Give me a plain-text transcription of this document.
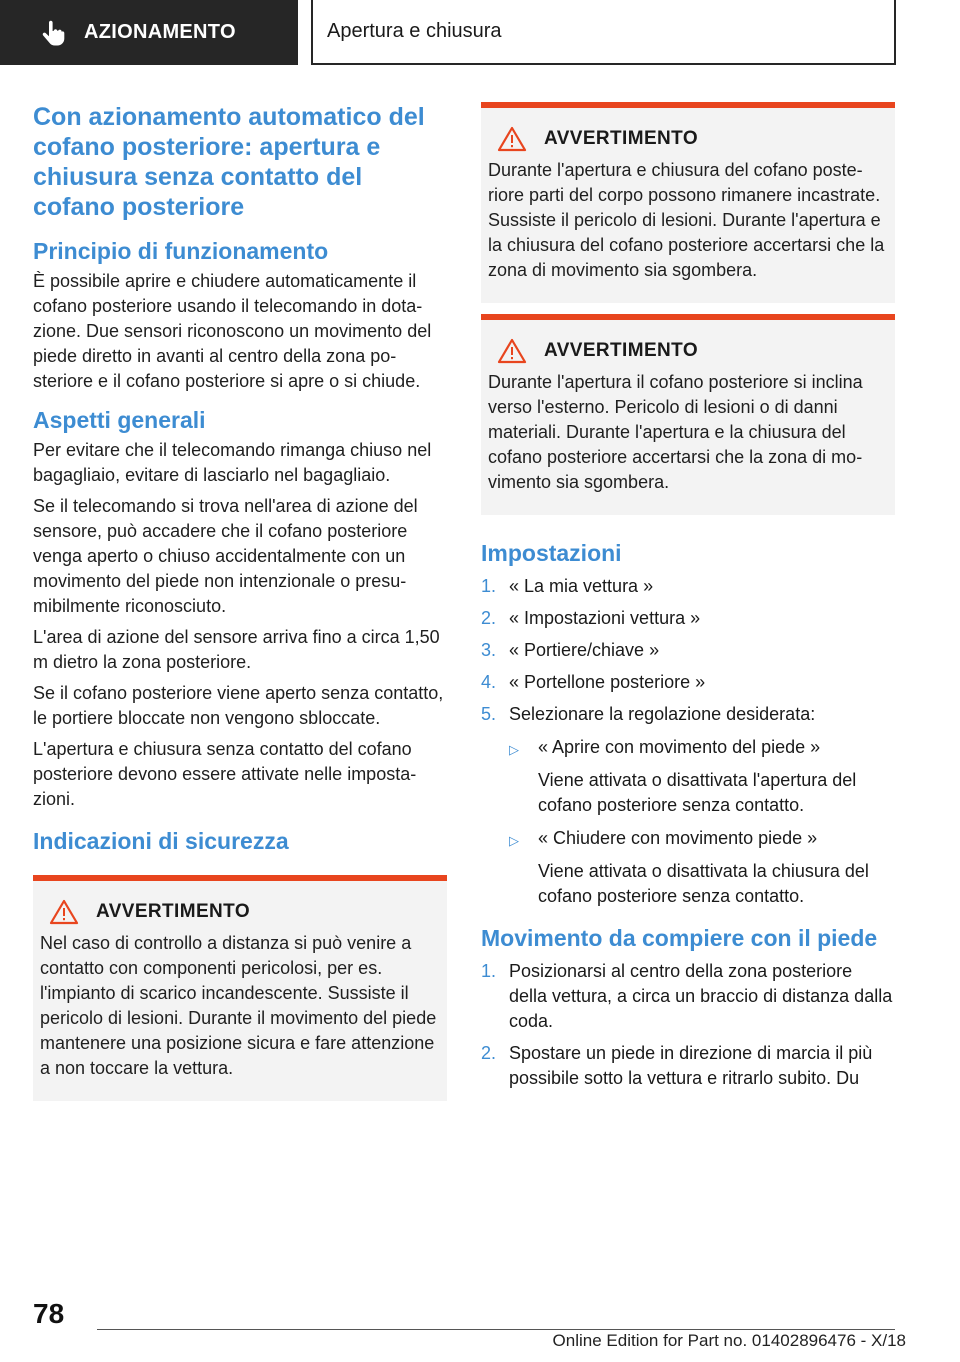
AZIONAMENTO	Apertura e chiusura
Con azionamento automatico del cofano posteriore: apertura e chiusura senza contatto del cofano posteriore
Principio di funzionamento

È possibile aprire e chiudere automaticamente il cofano posteriore usando il telecomando in dotazione. Due sensori riconoscono un movimento del piede diretto in avanti al centro della zona posteriore e il cofano posteriore si apre o si chiude.

Aspetti generali

Per evitare che il telecomando rimanga chiuso nel bagagliaio, evitare di lasciarlo nel bagagliaio.

Se il telecomando si trova nell'area di azione del sensore, può accadere che il cofano posteriore venga aperto o chiuso accidentalmente con un movimento del piede non intenzionale o presumibilmente riconosciuto.

L'area di azione del sensore arriva fino a circa 1,50 m dietro la zona posteriore.

Se il cofano posteriore viene aperto senza contatto, le portiere bloccate non vengono sbloccate.

L'apertura e chiusura senza contatto del cofano posteriore devono essere attivate nelle impostazioni.

Indicazioni di sicurezza
AVVERTIMENTO

Nel caso di controllo a distanza si può venire a contatto con componenti pericolosi, per es. l'impianto di scarico incandescente. Sussiste il pericolo di lesioni. Durante il movimento del piede mantenere una posizione sicura e fare attenzione a non toccare la vettura.

AVVERTIMENTO

Durante l'apertura e chiusura del cofano posteriore parti del corpo possono rimanere incastrate. Sussiste il pericolo di lesioni. Durante l'apertura e la chiusura del cofano posteriore accertarsi che la zona di movimento sia sgombera.

AVVERTIMENTO

Durante l'apertura il cofano posteriore si inclina verso l'esterno. Pericolo di lesioni o di danni materiali. Durante l'apertura e la chiusura del cofano posteriore accertarsi che la zona di movimento sia sgombera.

Impostazioni
1. « La mia vettura »
2. « Impostazioni vettura »
3. « Portiere/chiave »
4. « Portellone posteriore »
5. Selezionare la regolazione desiderata:
▷	« Aprire con movimento del piede »
Viene attivata o disattivata l'apertura del cofano posteriore senza contatto.
▷	« Chiudere con movimento piede »
Viene attivata o disattivata la chiusura del cofano posteriore senza contatto.
Movimento da compiere con il piede
1. Posizionarsi al centro della zona posteriore della vettura, a circa un braccio di distanza dalla coda.
2. Spostare un piede in direzione di marcia il più possibile sotto la vettura e ritrarlo subito. Du
78
Online Edition for Part no. 01402896476 - X/18
